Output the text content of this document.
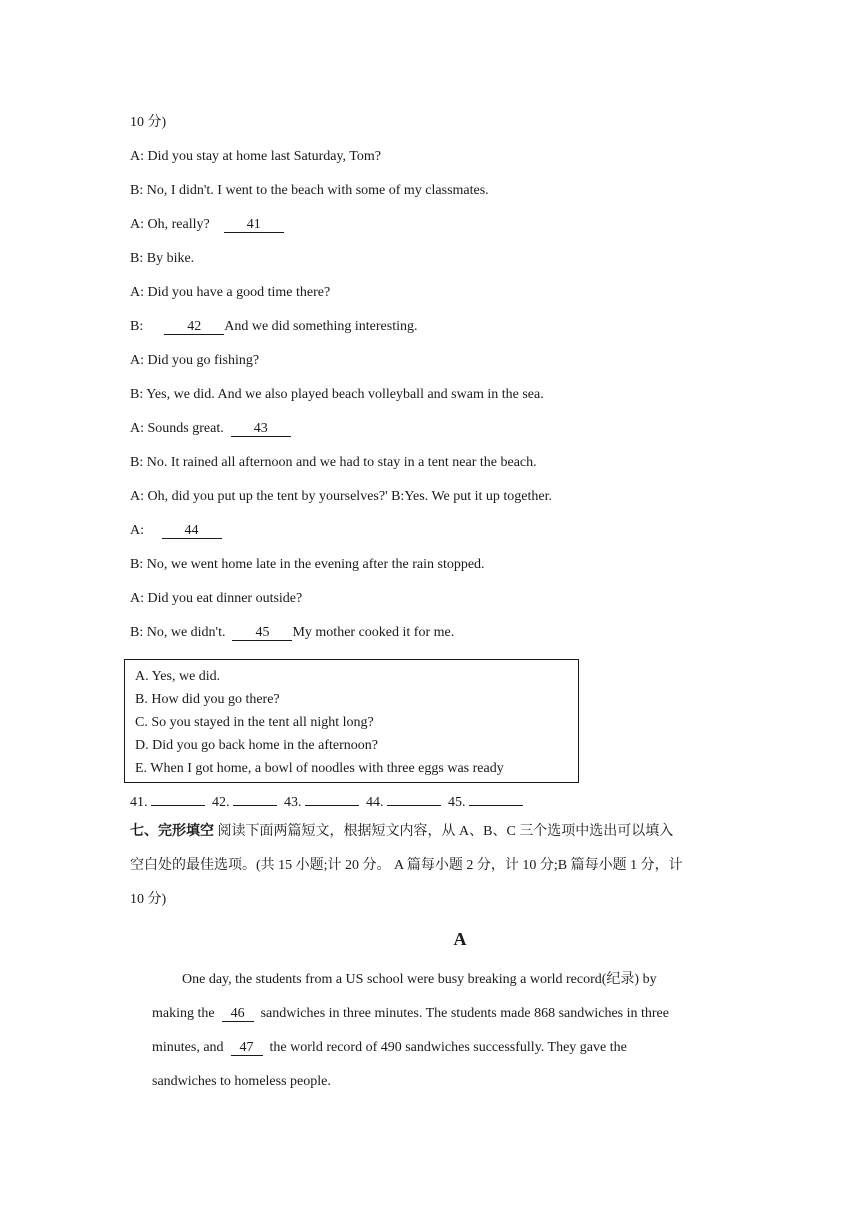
10 分)
A: Did you stay at home last Saturday, Tom?
B: No, I didn't. I went to the beach with some of my classmates.
A: Oh, really?	41
B: By bike.
A: Did you have a good time there?
B:	42 And we did something interesting.
A: Did you go fishing?
B: Yes, we did. And we also played beach volleyball and swam in the sea.
A: Sounds great. 43
B: No. It rained all afternoon and we had to stay in a tent near the beach.
A: Oh, did you put up the tent by yourselves?' B:Yes. We put it up together.
A:	44
B: No, we went home late in the evening after the rain stopped.
A: Did you eat dinner outside?
B: No, we didn't. 45 My mother cooked it for me.
A. Yes, we did.
B. How did you go there?
C. So you stayed in the tent all night long?
D. Did you go back home in the afternoon?
E. When I got home, a bowl of noodles with three eggs was ready
41.	42.	43.	44.	45.
七、完形填空 阅读下面两篇短文，根据短文内容，从 A、B、C 三个选项中选出可以填入
空白处的最佳选项。(共 15 小题;计 20 分。 A 篇每小题 2 分，计 10 分;B 篇每小题 1 分，计
10 分)
A
One day, the students from a US school were busy breaking a world record(纪录) by
making the 46 sandwiches in three minutes. The students made 868 sandwiches in three
minutes, and 47 the world record of 490 sandwiches successfully. They gave the
sandwiches to homeless people.
